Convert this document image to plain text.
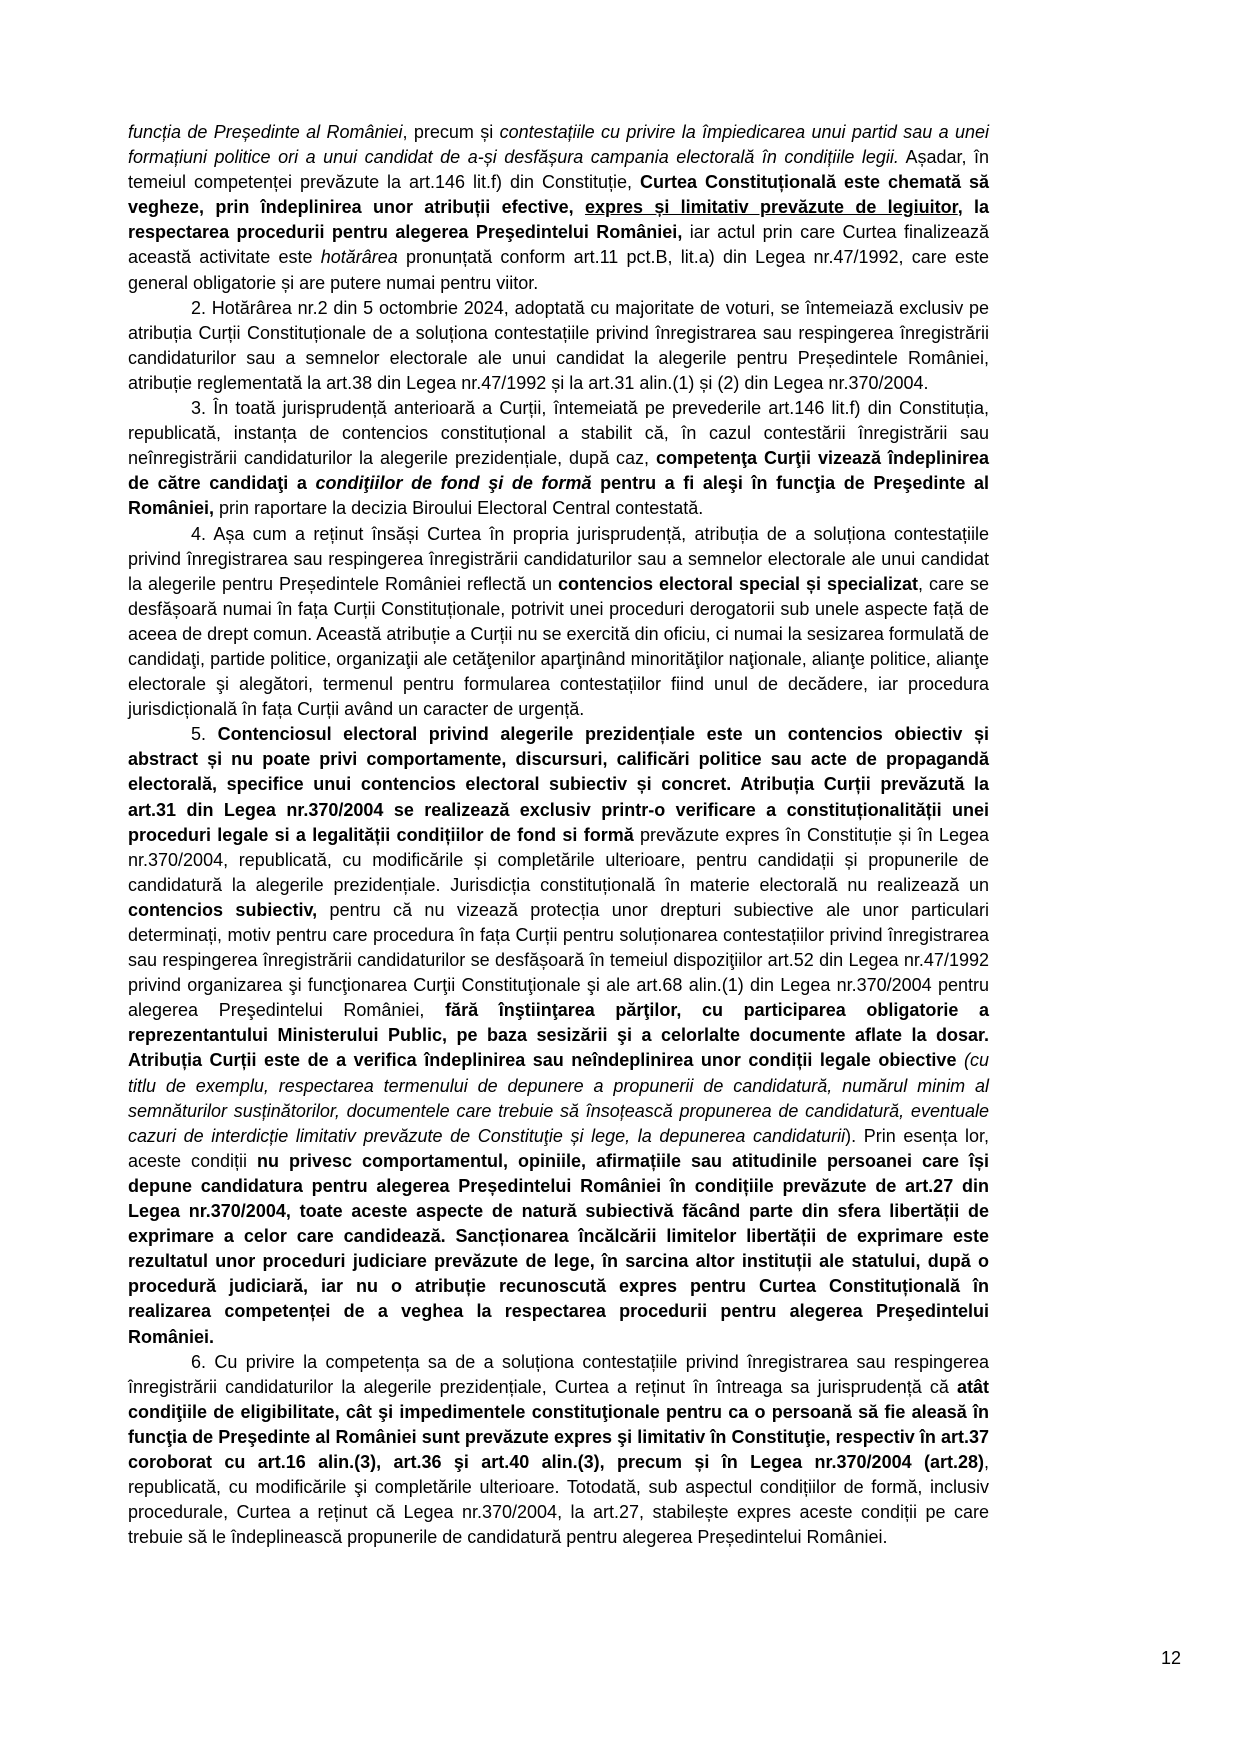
funcția de Președinte al României, precum și contestațiile cu privire la împiedicarea unui partid sau a unei formațiuni politice ori a unui candidat de a-și desfășura campania electorală în condițiile legii. Așadar, în temeiul competenței prevăzute la art.146 lit.f) din Constituție, Curtea Constituțională este chemată să vegheze, prin îndeplinirea unor atribuții efective, expres și limitativ prevăzute de legiuitor, la respectarea procedurii pentru alegerea Preşedintelui României, iar actul prin care Curtea finalizează această activitate este hotărârea pronunțată conform art.11 pct.B, lit.a) din Legea nr.47/1992, care este general obligatorie și are putere numai pentru viitor.

2. Hotărârea nr.2 din 5 octombrie 2024, adoptată cu majoritate de voturi, se întemeiază exclusiv pe atribuția Curții Constituționale de a soluționa contestațiile privind înregistrarea sau respingerea înregistrării candidaturilor sau a semnelor electorale ale unui candidat la alegerile pentru Președintele României, atribuție reglementată la art.38 din Legea nr.47/1992 și la art.31 alin.(1) și (2) din Legea nr.370/2004.

3. În toată jurisprudență anterioară a Curții, întemeiată pe prevederile art.146 lit.f) din Constituția, republicată, instanța de contencios constituțional a stabilit că, în cazul contestării înregistrării sau neînregistrării candidaturilor la alegerile prezidențiale, după caz, competenţa Curţii vizează îndeplinirea de către candidaţi a condiţiilor de fond şi de formă pentru a fi aleşi în funcţia de Preşedinte al României, prin raportare la decizia Biroului Electoral Central contestată.

4. Așa cum a reținut însăși Curtea în propria jurisprudență, atribuția de a soluționa contestațiile privind înregistrarea sau respingerea înregistrării candidaturilor sau a semnelor electorale ale unui candidat la alegerile pentru Președintele României reflectă un contencios electoral special și specializat, care se desfășoară numai în fața Curții Constituționale, potrivit unei proceduri derogatorii sub unele aspecte față de aceea de drept comun. Această atribuție a Curții nu se exercită din oficiu, ci numai la sesizarea formulată de candidaţi, partide politice, organizaţii ale cetăţenilor aparţinând minorităţilor naţionale, alianţe politice, alianţe electorale şi alegători, termenul pentru formularea contestațiilor fiind unul de decădere, iar procedura jurisdicțională în fața Curții având un caracter de urgență.

5. Contenciosul electoral privind alegerile prezidențiale este un contencios obiectiv și abstract și nu poate privi comportamente, discursuri, calificări politice sau acte de propagandă electorală, specifice unui contencios electoral subiectiv și concret. Atribuția Curții prevăzută la art.31 din Legea nr.370/2004 se realizează exclusiv printr-o verificare a constituționalității unei proceduri legale si a legalității condițiilor de fond si formă prevăzute expres în Constituție și în Legea nr.370/2004, republicată, cu modificările și completările ulterioare, pentru candidații și propunerile de candidatură la alegerile prezidențiale. Jurisdicția constituțională în materie electorală nu realizează un contencios subiectiv, pentru că nu vizează protecția unor drepturi subiective ale unor particulari determinați, motiv pentru care procedura în fața Curții pentru soluționarea contestațiilor privind înregistrarea sau respingerea înregistrării candidaturilor se desfășoară în temeiul dispoziţiilor art.52 din Legea nr.47/1992 privind organizarea şi funcţionarea Curţii Constituţionale şi ale art.68 alin.(1) din Legea nr.370/2004 pentru alegerea Preşedintelui României, fără înştiinţarea părţilor, cu participarea obligatorie a reprezentantului Ministerului Public, pe baza sesizării şi a celorlalte documente aflate la dosar. Atribuția Curții este de a verifica îndeplinirea sau neîndeplinirea unor condiții legale obiective (cu titlu de exemplu, respectarea termenului de depunere a propunerii de candidatură, numărul minim al semnăturilor susținătorilor, documentele care trebuie să însoțească propunerea de candidatură, eventuale cazuri de interdicție limitativ prevăzute de Constituţie și lege, la depunerea candidaturii). Prin esența lor, aceste condiții nu privesc comportamentul, opiniile, afirmațiile sau atitudinile persoanei care își depune candidatura pentru alegerea Președintelui României în condițiile prevăzute de art.27 din Legea nr.370/2004, toate aceste aspecte de natură subiectivă făcând parte din sfera libertății de exprimare a celor care candidează. Sancționarea încălcării limitelor libertății de exprimare este rezultatul unor proceduri judiciare prevăzute de lege, în sarcina altor instituții ale statului, după o procedură judiciară, iar nu o atribuție recunoscută expres pentru Curtea Constituțională în realizarea competenței de a veghea la respectarea procedurii pentru alegerea Preşedintelui României.

6. Cu privire la competența sa de a soluționa contestațiile privind înregistrarea sau respingerea înregistrării candidaturilor la alegerile prezidențiale, Curtea a reținut în întreaga sa jurisprudență că atât condiţiile de eligibilitate, cât şi impedimentele constituţionale pentru ca o persoană să fie aleasă în funcţia de Preşedinte al României sunt prevăzute expres şi limitativ în Constituţie, respectiv în art.37 coroborat cu art.16 alin.(3), art.36 şi art.40 alin.(3), precum și în Legea nr.370/2004 (art.28), republicată, cu modificările şi completările ulterioare. Totodată, sub aspectul condițiilor de formă, inclusiv procedurale, Curtea a reținut că Legea nr.370/2004, la art.27, stabilește expres aceste condiții pe care trebuie să le îndeplinească propunerile de candidatură pentru alegerea Președintelui României.

12
